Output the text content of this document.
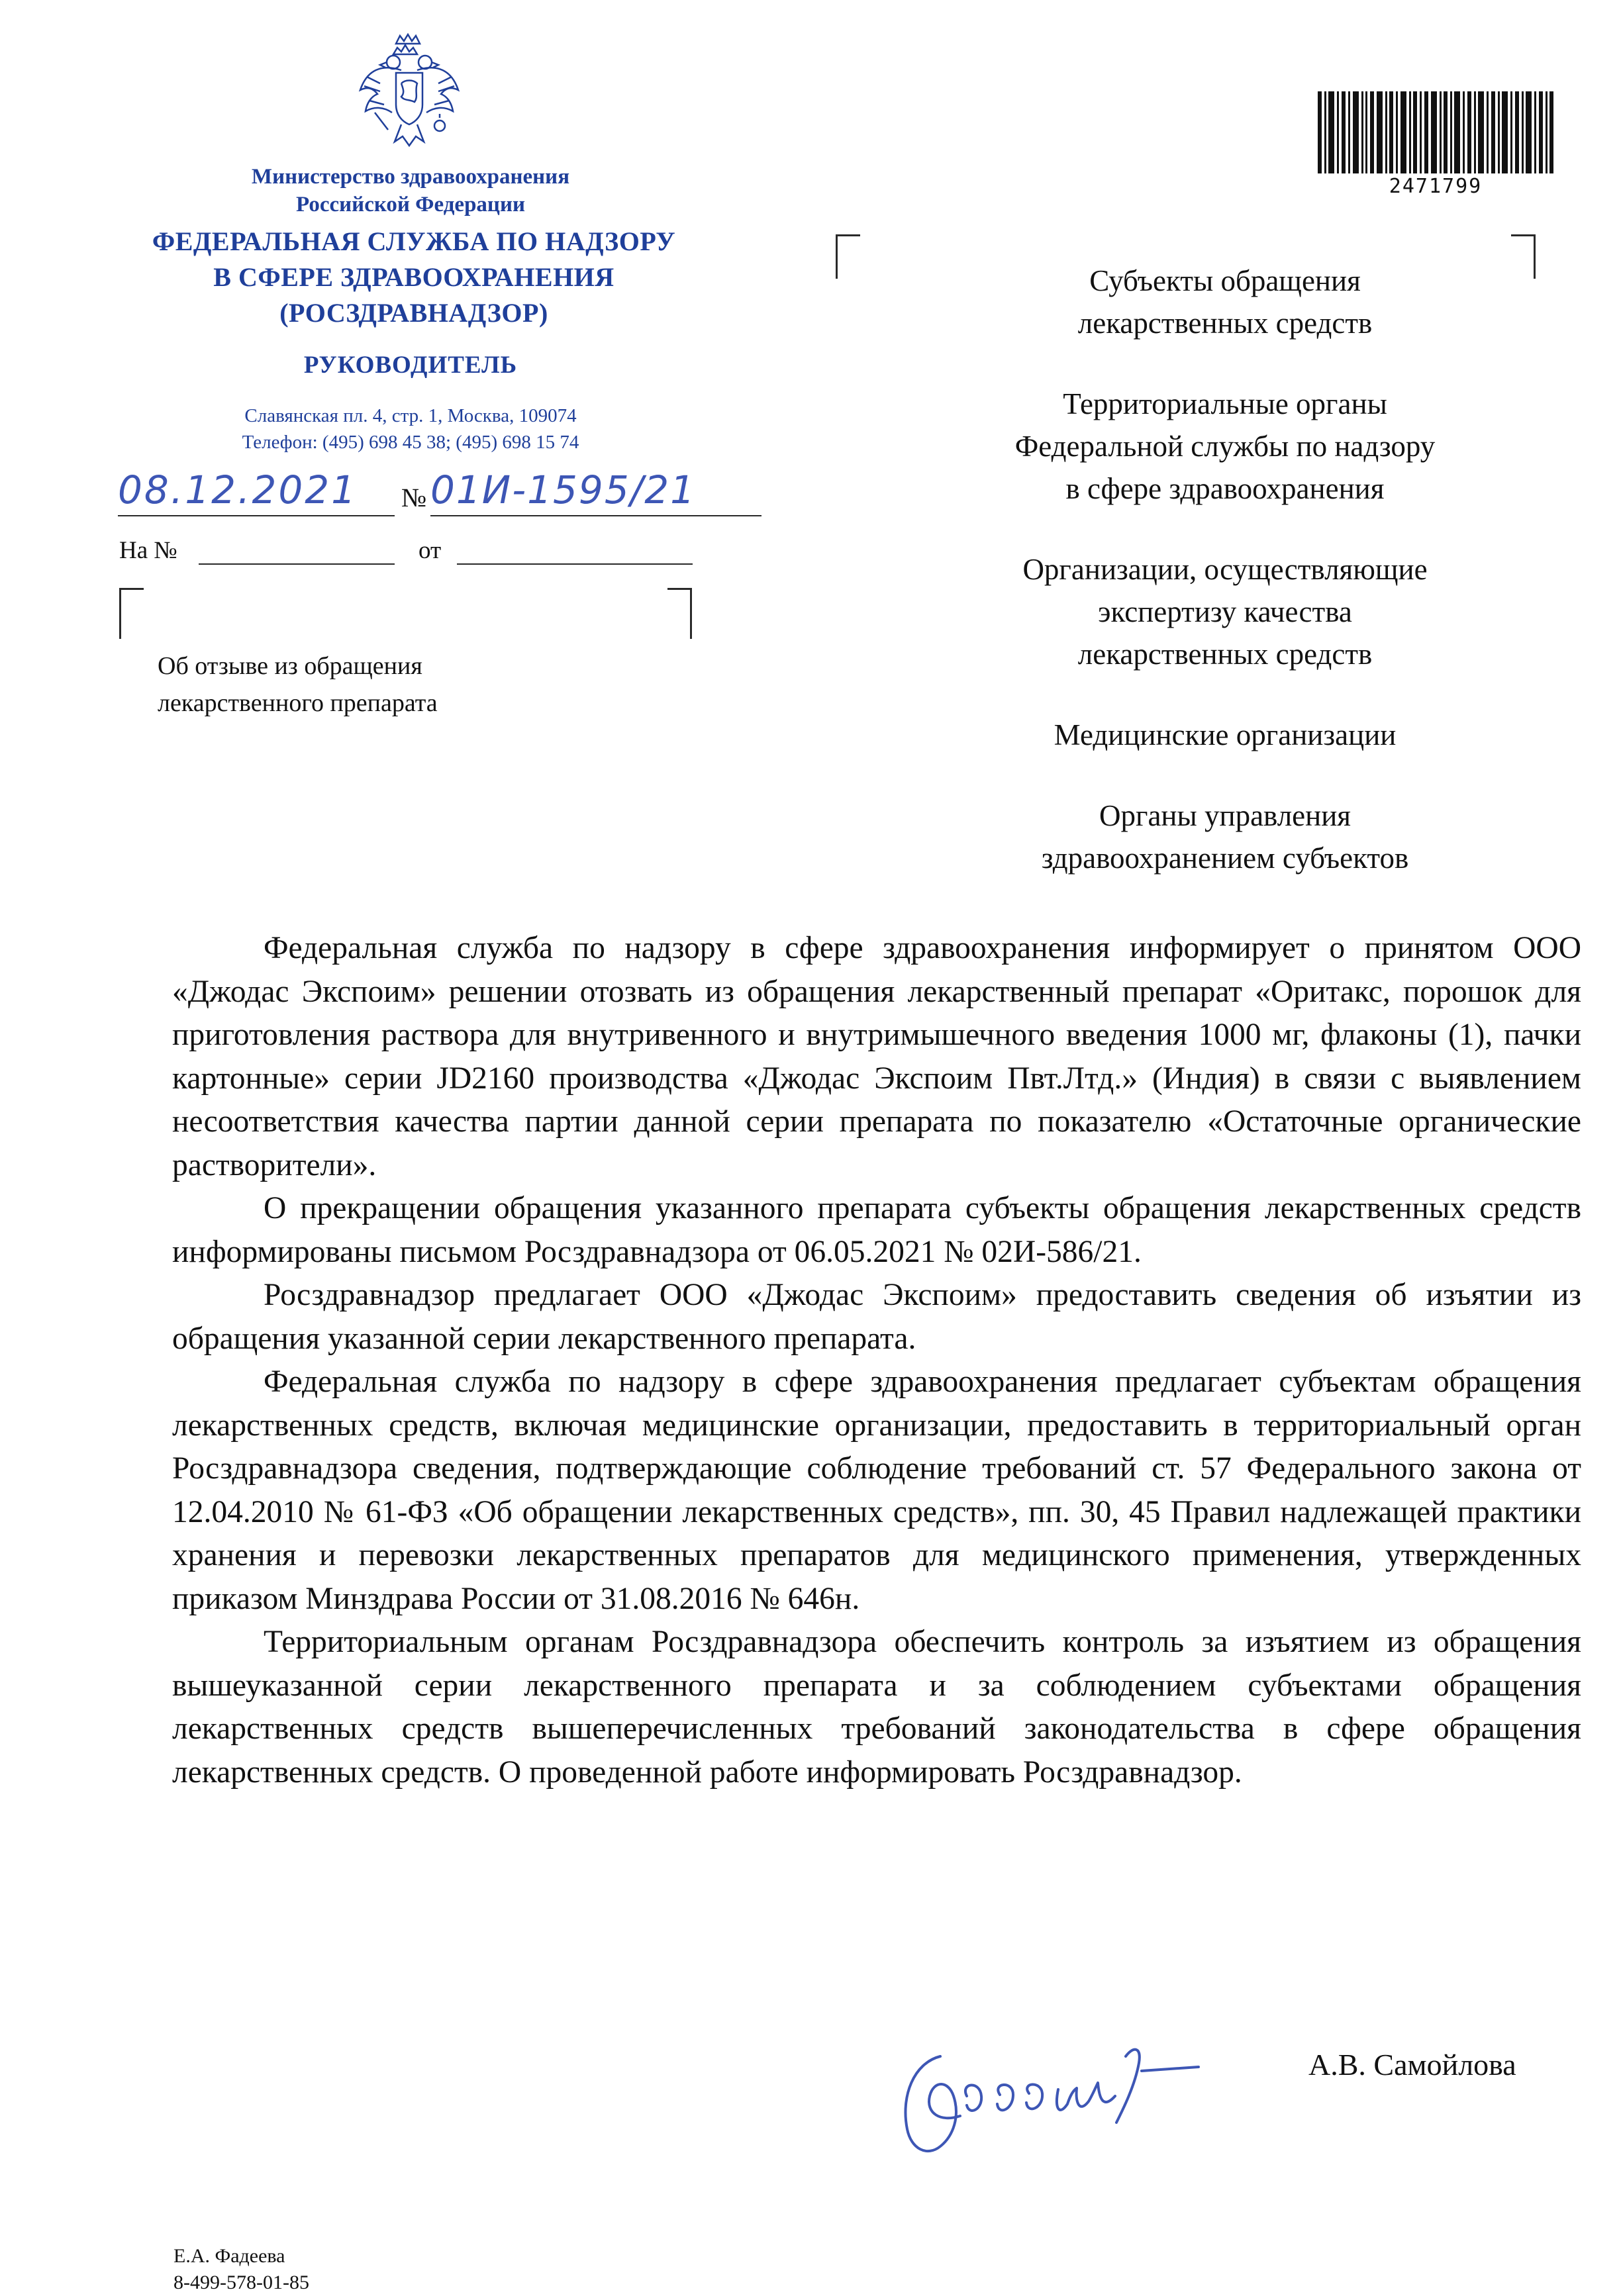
Министерство здравоохранения
Российской Федерации
ФЕДЕРАЛЬНАЯ СЛУЖБА ПО НАДЗОРУ
В СФЕРЕ ЗДРАВООХРАНЕНИЯ
(РОСЗДРАВНАДЗОР)
РУКОВОДИТЕЛЬ
Славянская пл. 4, стр. 1, Москва, 109074
Телефон: (495) 698 45 38; (495) 698 15 74
08.12.2021 № 01И-1595/21
На №	от
Об отзыве из обращения
лекарственного препарата
2471799
Субъекты обращения
лекарственных средств
Территориальные органы
Федеральной службы по надзору
в сфере здравоохранения
Организации, осуществляющие
экспертизу качества
лекарственных средств
Медицинские организации
Органы управления
здравоохранением субъектов

Федеральная служба по надзору в сфере здравоохранения информирует о принятом ООО «Джодас Экспоим» решении отозвать из обращения лекарственный препарат «Оритакс, порошок для приготовления раствора для внутривенного и внутримышечного введения 1000 мг, флаконы (1), пачки картонные» серии JD2160 производства «Джодас Экспоим Пвт.Лтд.» (Индия) в связи с выявлением несоответствия качества партии данной серии препарата по показателю «Остаточные органические растворители».

О прекращении обращения указанного препарата субъекты обращения лекарственных средств информированы письмом Росздравнадзора от 06.05.2021 № 02И-586/21.

Росздравнадзор предлагает ООО «Джодас Экспоим» предоставить сведения об изъятии из обращения указанной серии лекарственного препарата.

Федеральная служба по надзору в сфере здравоохранения предлагает субъектам обращения лекарственных средств, включая медицинские организации, предоставить в территориальный орган Росздравнадзора сведения, подтверждающие соблюдение требований ст. 57 Федерального закона от 12.04.2010 № 61-ФЗ «Об обращении лекарственных средств», пп. 30, 45 Правил надлежащей практики хранения и перевозки лекарственных препаратов для медицинского применения, утвержденных приказом Минздрава России от 31.08.2016 № 646н.

Территориальным органам Росздравнадзора обеспечить контроль за изъятием из обращения вышеуказанной серии лекарственного препарата и за соблюдением субъектами обращения лекарственных средств вышеперечисленных требований законодательства в сфере обращения лекарственных средств. О проведенной работе информировать Росздравнадзор.

А.В. Самойлова
Е.А. Фадеева
8-499-578-01-85
